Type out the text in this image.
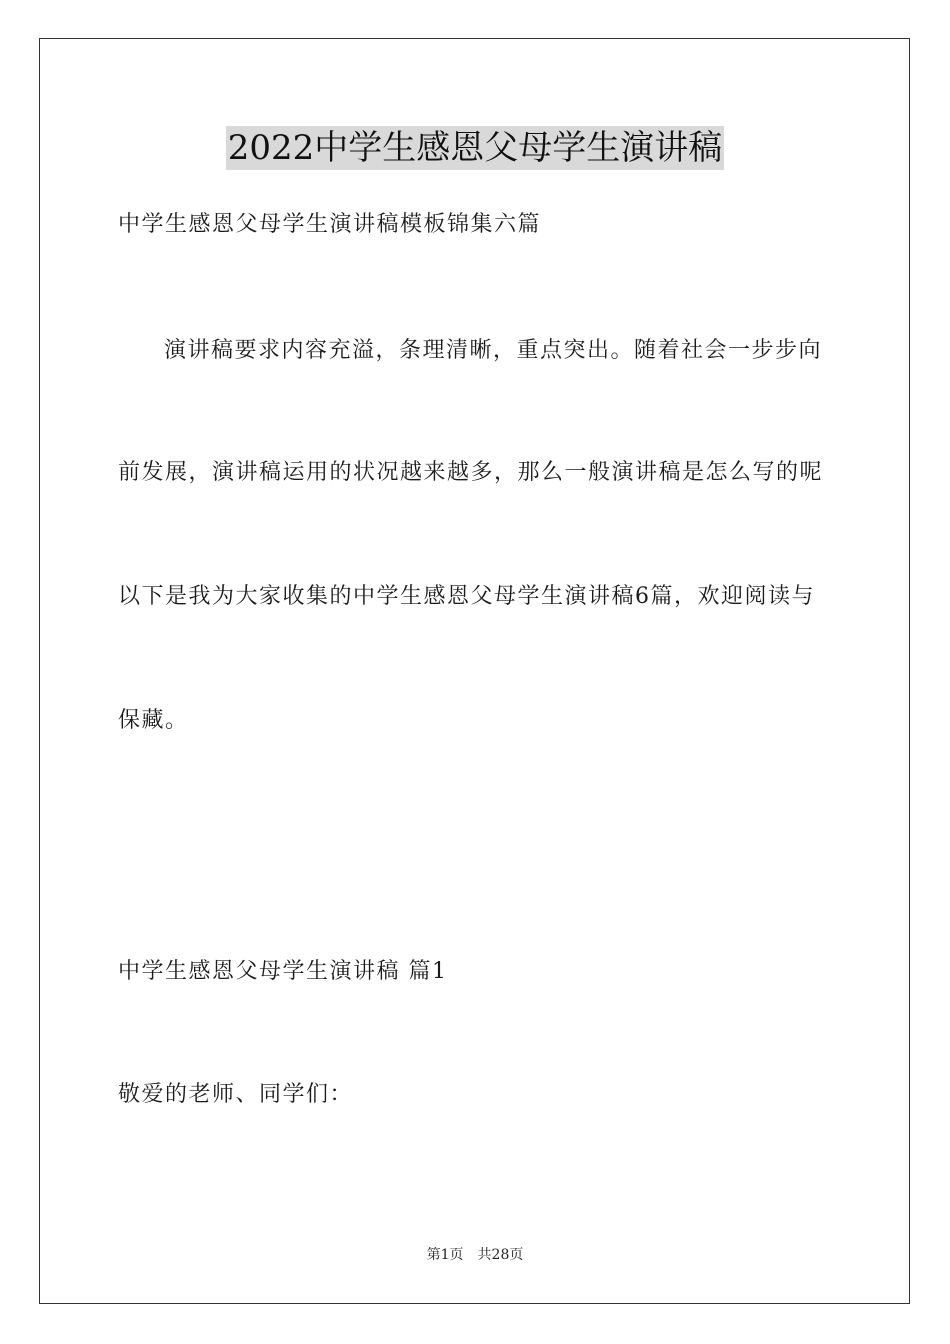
2022中学生感恩父母学生演讲稿
中学生感恩父母学生演讲稿模板锦集六篇
演讲稿要求内容充溢，条理清晰，重点突出。随着社会一步步向
前发展，演讲稿运用的状况越来越多，那么一般演讲稿是怎么写的呢
以下是我为大家收集的中学生感恩父母学生演讲稿6篇，欢迎阅读与
保藏。
中学生感恩父母学生演讲稿 篇1
敬爱的老师、同学们：
第1页 共28页
